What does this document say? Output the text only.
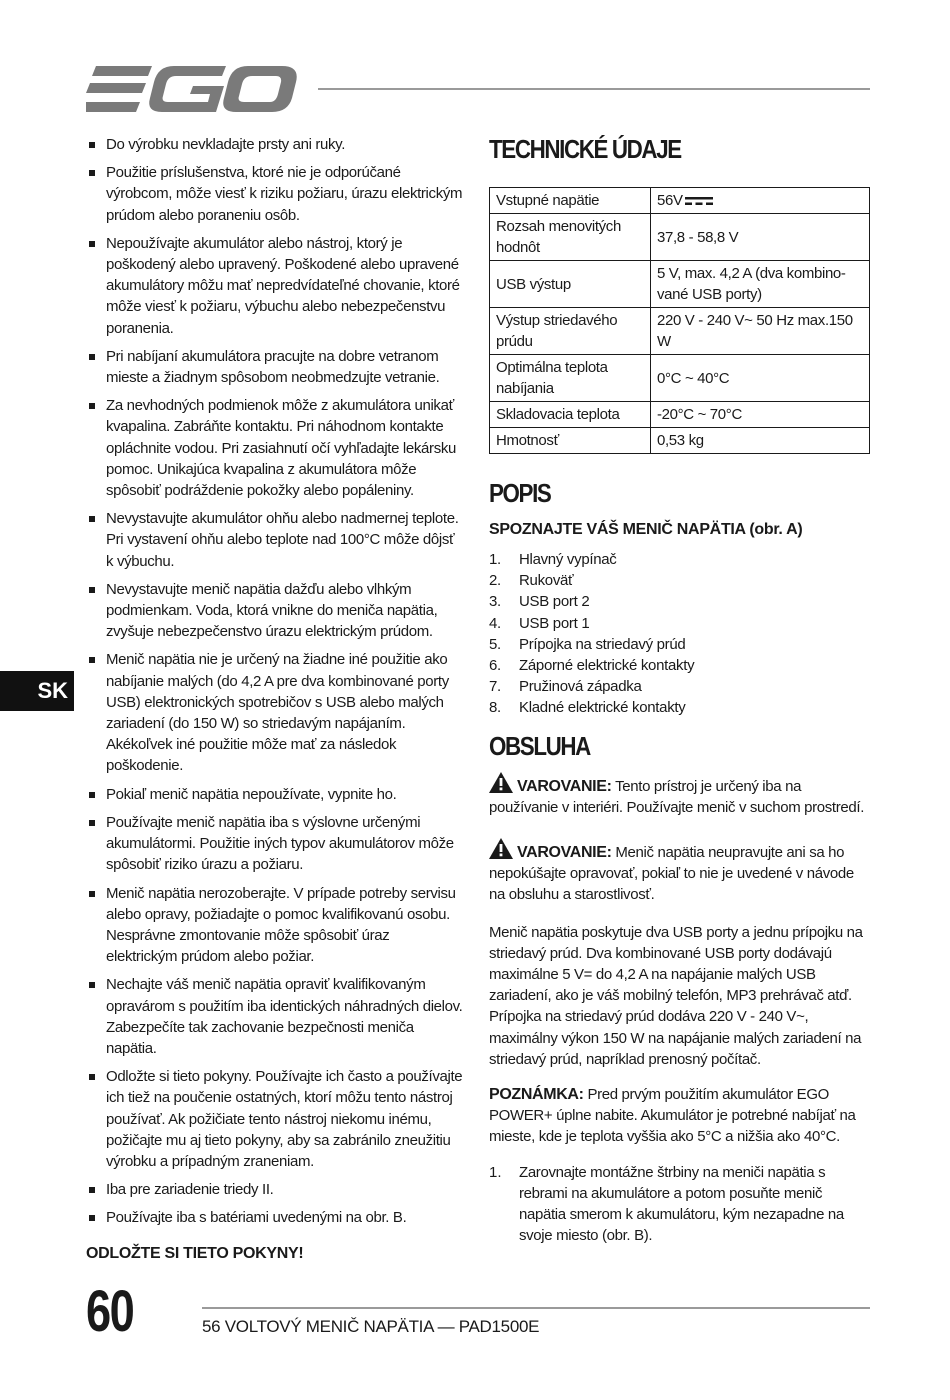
Do výrobku nevkladajte prsty ani ruky.
Použitie príslušenstva, ktoré nie je odporúčané výrobcom, môže viesť k riziku požiaru, úrazu elektrickým prúdom alebo poraneniu osôb.
Nepoužívajte akumulátor alebo nástroj, ktorý je poškodený alebo upravený. Poškodené alebo upravené akumulátory môžu mať nepredvídateľné chovanie, ktoré môže viesť k požiaru, výbuchu alebo nebezpečenstvu poranenia.
Pri nabíjaní akumulátora pracujte na dobre vetranom mieste a žiadnym spôsobom neobmedzujte vetranie.
Za nevhodných podmienok môže z akumulátora unikať kvapalina. Zabráňte kontaktu. Pri náhodnom kontakte opláchnite vodou. Pri zasiahnutí očí vyhľadajte lekársku pomoc. Unikajúca kvapalina z akumulátora môže spôsobiť podráždenie pokožky alebo popáleniny.
Nevystavujte akumulátor ohňu alebo nadmernej teplote. Pri vystavení ohňu alebo teplote nad 100°C môže dôjsť k výbuchu.
Nevystavujte menič napätia dažďu alebo vlhkým podmienkam. Voda, ktorá vnikne do meniča napätia, zvyšuje nebezpečenstvo úrazu elektrickým prúdom.
Menič napätia nie je určený na žiadne iné použitie ako nabíjanie malých (do 4,2 A pre dva kombinované porty USB) elektronických spotrebičov s USB alebo malých zariadení (do 150 W) so striedavým napájaním. Akékoľvek iné použitie môže mať za následok poškodenie.
Pokiaľ menič napätia nepoužívate, vypnite ho.
Používajte menič napätia iba s výslovne určenými akumulátormi. Použitie iných typov akumulátorov môže spôsobiť riziko úrazu a požiaru.
Menič napätia nerozoberajte. V prípade potreby servisu alebo opravy, požiadajte o pomoc kvalifikovanú osobu. Nesprávne zmontovanie môže spôsobiť úraz elektrickým prúdom alebo požiar.
Nechajte váš menič napätia opraviť kvalifikovaným opravárom s použitím iba identických náhradných dielov. Zabezpečíte tak zachovanie bezpečnosti meniča napätia.
Odložte si tieto pokyny. Používajte ich často a používajte ich tiež na poučenie ostatných, ktorí môžu tento nástroj používať. Ak požičiate tento nástroj niekomu inému, požičajte mu aj tieto pokyny, aby sa zabránilo zneužitiu výrobku a prípadným zraneniam.
Iba pre zariadenie triedy II.
Používajte iba s batériami uvedenými na obr. B.
ODLOŽTE SI TIETO POKYNY!
TECHNICKÉ ÚDAJE
Vstupné napätie	56V
Rozsah menovitých hodnôt	37,8 - 58,8 V
USB výstup	5 V, max. 4,2 A (dva kombino-vané USB porty)
Výstup striedavého prúdu	220 V - 240 V~ 50 Hz max.150 W
Optimálna teplota nabíjania	0°C ~ 40°C
Skladovacia teplota	-20°C ~ 70°C
Hmotnosť	0,53 kg
POPIS
SPOZNAJTE VÁŠ MENIČ NAPÄTIA (obr. A)
1.	Hlavný vypínač
2.	Rukoväť
3.	USB port 2
4.	USB port 1
5.	Prípojka na striedavý prúd
6.	Záporné elektrické kontakty
7.	Pružinová západka
8.	Kladné elektrické kontakty
OBSLUHA

VAROVANIE: Tento prístroj je určený iba na používanie v interiéri. Používajte menič v suchom prostredí.

VAROVANIE: Menič napätia neupravujte ani sa ho nepokúšajte opravovať, pokiaľ to nie je uvedené v návode na obsluhu a starostlivosť.

Menič napätia poskytuje dva USB porty a jednu prípojku na striedavý prúd. Dva kombinované USB porty dodávajú maximálne 5 V= do 4,2 A na napájanie malých USB zariadení, ako je váš mobilný telefón, MP3 prehrávač atď. Prípojka na striedavý prúd dodáva 220 V - 240 V~, maximálny výkon 150 W na napájanie malých zariadení na striedavý prúd, napríklad prenosný počítač.

POZNÁMKA: Pred prvým použitím akumulátor EGO POWER+ úplne nabite. Akumulátor je potrebné nabíjať na mieste, kde je teplota vyššia ako 5°C a nižšia ako 40°C.

1.	Zarovnajte montážne štrbiny na meniči napätia s rebrami na akumulátore a potom posuňte menič napätia smerom k akumulátoru, kým nezapadne na svoje miesto (obr. B).

SK
60	56 VOLTOVÝ MENIČ NAPÄTIA — PAD1500E
